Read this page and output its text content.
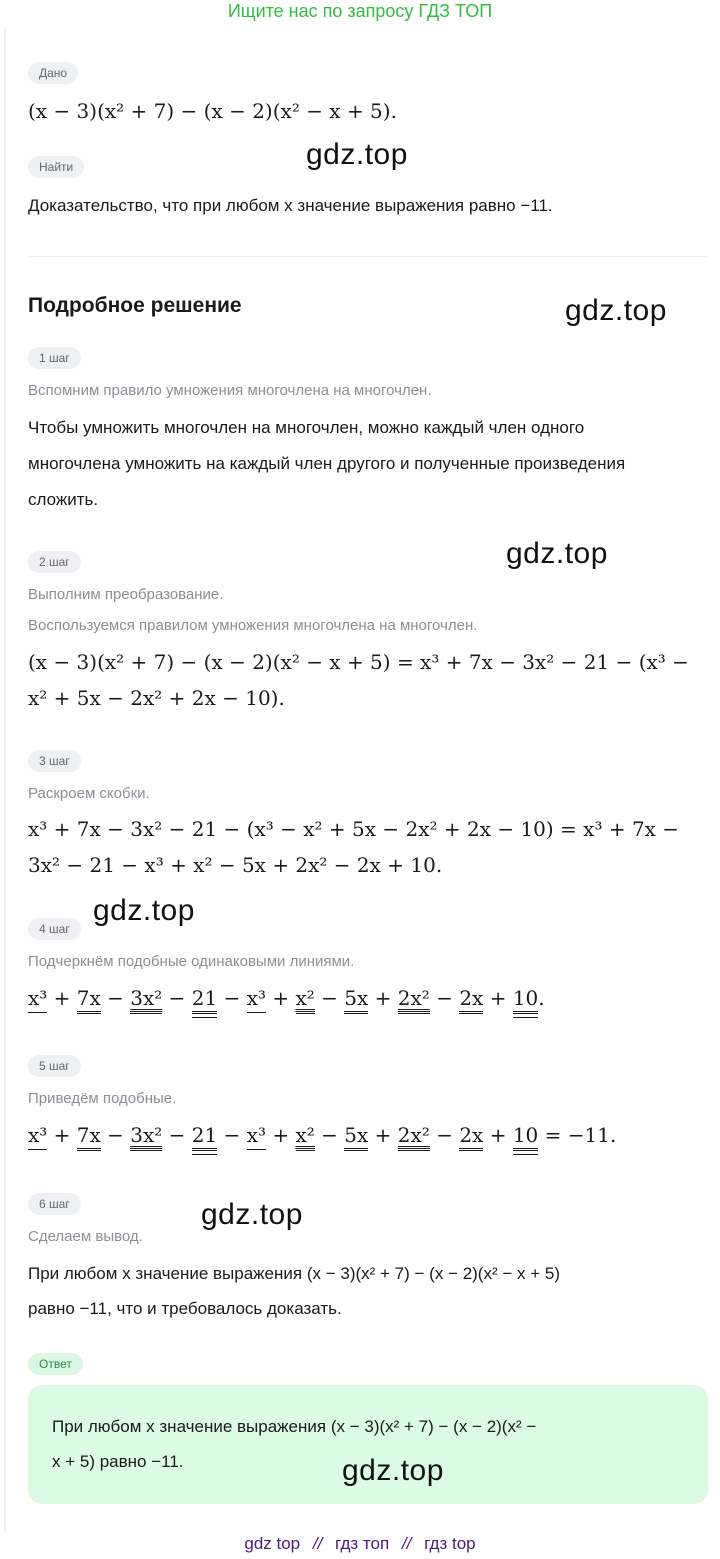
Ищите нас по запросу ГДЗ ТОП
Дано
(x − 3)(x² + 7) − (x − 2)(x² − x + 5).
Найти
Доказательство, что при любом x значение выражения равно −11.
Подробное решение
1 шаг
Вспомним правило умножения многочлена на многочлен.
Чтобы умножить многочлен на многочлен, можно каждый член одного
многочлена умножить на каждый член другого и полученные произведения
сложить.
2 шаг
Выполним преобразование.
Воспользуемся правилом умножения многочлена на многочлен.
(x − 3)(x² + 7) − (x − 2)(x² − x + 5) = x³ + 7x − 3x² − 21 − (x³ −
x² + 5x − 2x² + 2x − 10).
3 шаг
Раскроем скобки.
x³ + 7x − 3x² − 21 − (x³ − x² + 5x − 2x² + 2x − 10) = x³ + 7x −
3x² − 21 − x³ + x² − 5x + 2x² − 2x + 10.
4 шаг
Подчеркнём подобные одинаковыми линиями.
x³ + 7x − 3x² − 21 − x³ + x² − 5x + 2x² − 2x + 10.
5 шаг
Приведём подобные.
x³ + 7x − 3x² − 21 − x³ + x² − 5x + 2x² − 2x + 10 = −11.
6 шаг
Сделаем вывод.
При любом x значение выражения (x − 3)(x² + 7) − (x − 2)(x² − x + 5)
равно −11, что и требовалось доказать.
Ответ
При любом x значение выражения (x − 3)(x² + 7) − (x − 2)(x² −
x + 5) равно −11.
gdz.top
gdz.top
gdz.top
gdz.top
gdz.top
gdz.top
gdz top // гдз топ // гдз top
